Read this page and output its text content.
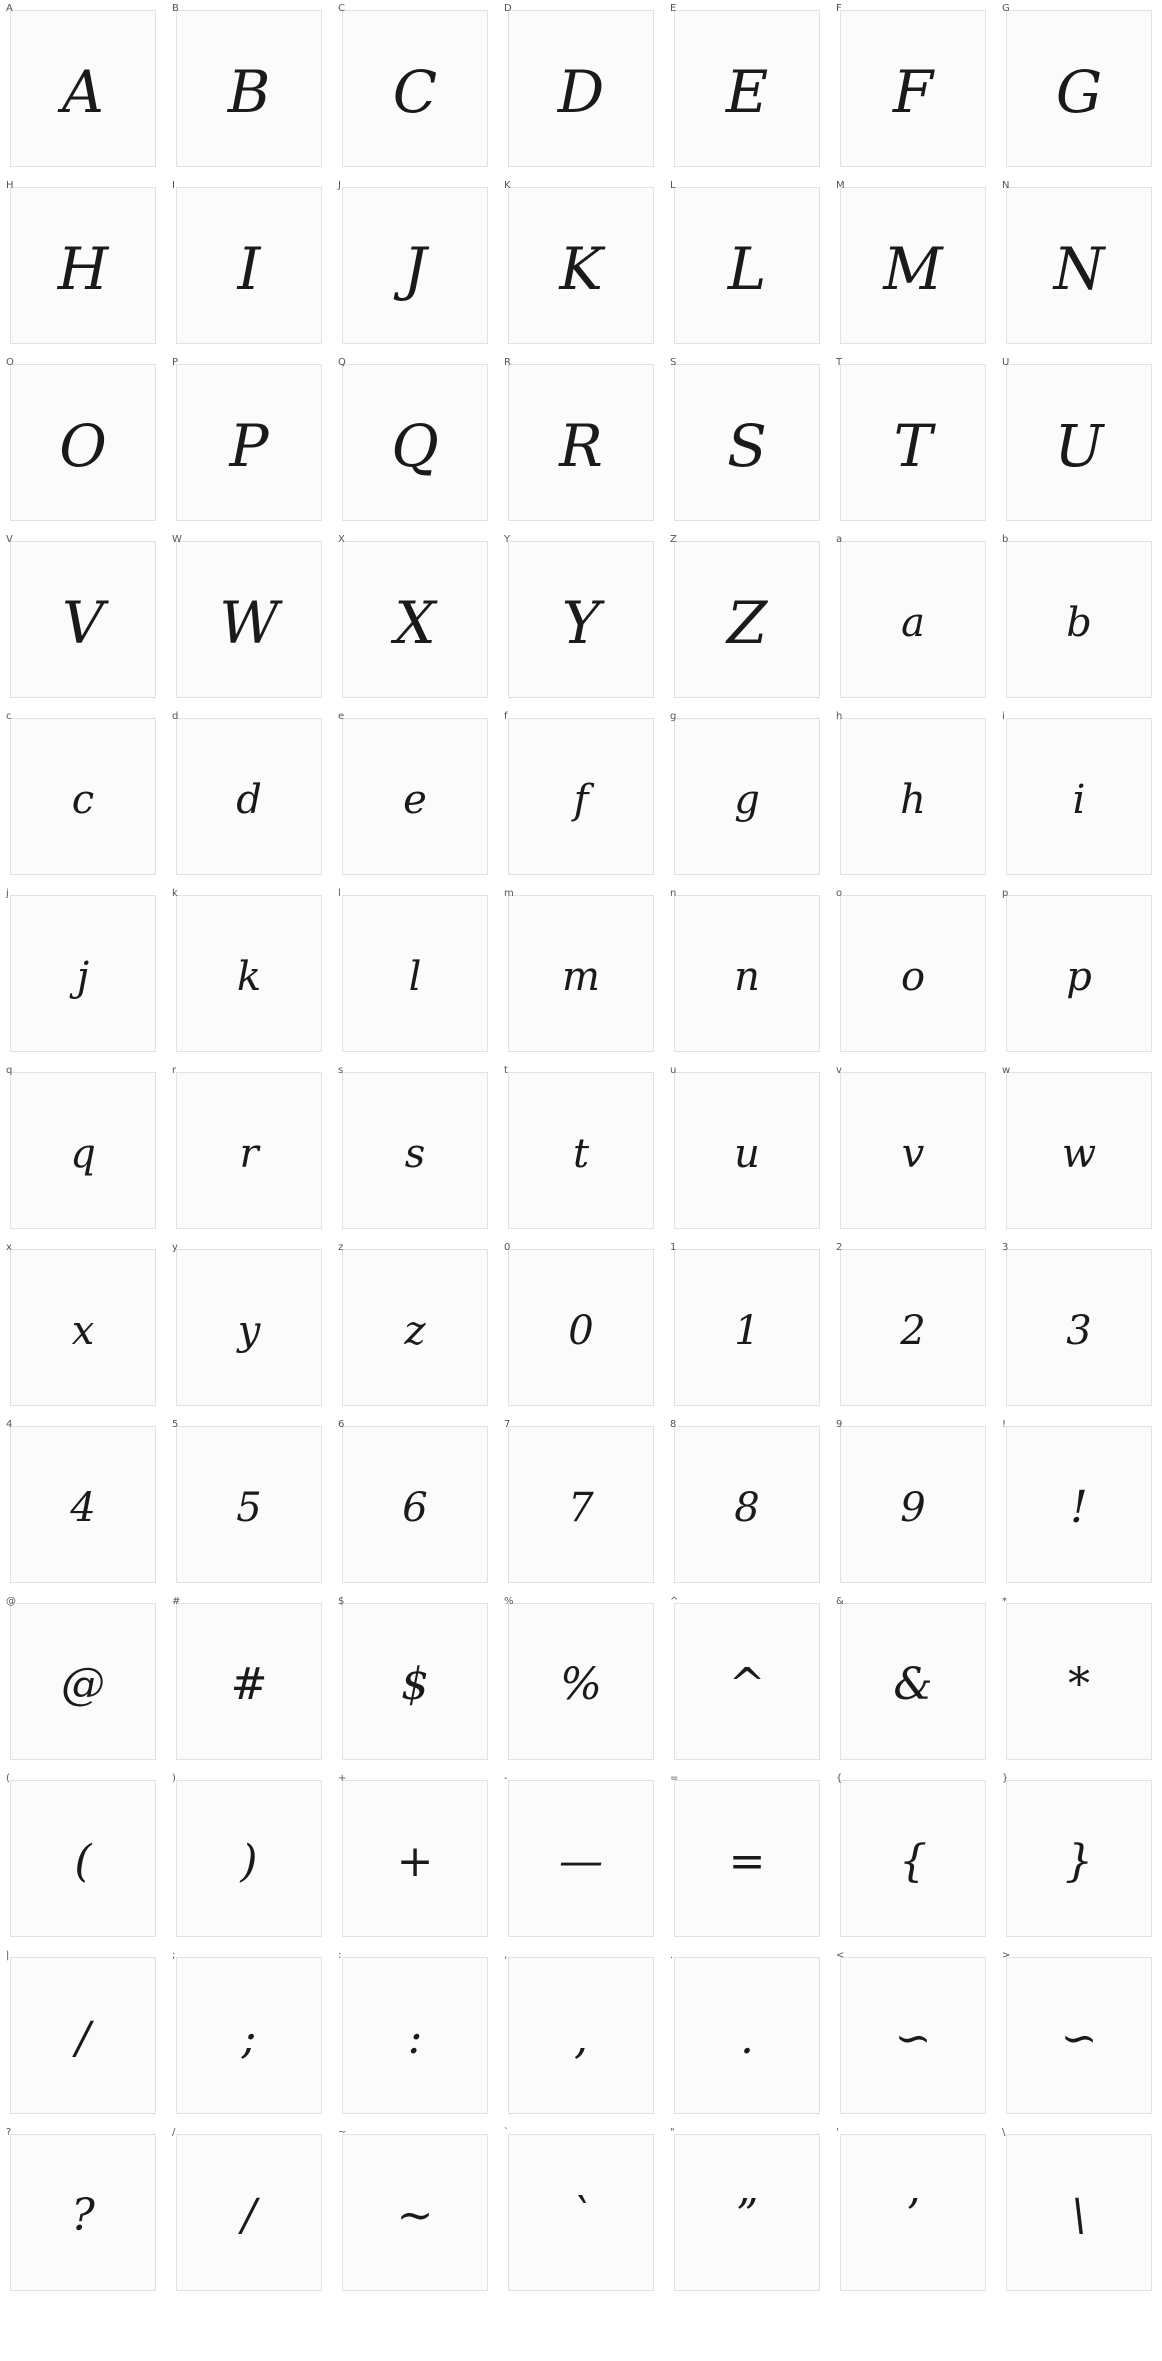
A
A
B
B
C
C
D
D
E
E
F
F
G
G
H
H
I
I
J
J
K
K
L
L
M
M
N
N
O
O
P
P
Q
Q
R
R
S
S
T
T
U
U
V
V
W
W
X
X
Y
Y
Z
Z
a
a
b
b
c
c
d
d
e
e
f
f
g
g
h
h
i
i
j
j
k
k
l
l
m
m
n
n
o
o
p
p
q
q
r
r
s
s
t
t
u
u
v
v
w
w
x
x
y
y
z
z
0
0
1
1
2
2
3
3
4
4
5
5
6
6
7
7
8
8
9
9
!
!
@
@
#
#
$
$
%
%
^
^
&
&
*
*
(
(
)
)
+
+
-
—
=
=
{
{
}
}
|
/
;
;
:
:
,
,
.
.
<
∽
>
∽
?
?
/
/
~
~
`
`
"
”
'
’
\
\
